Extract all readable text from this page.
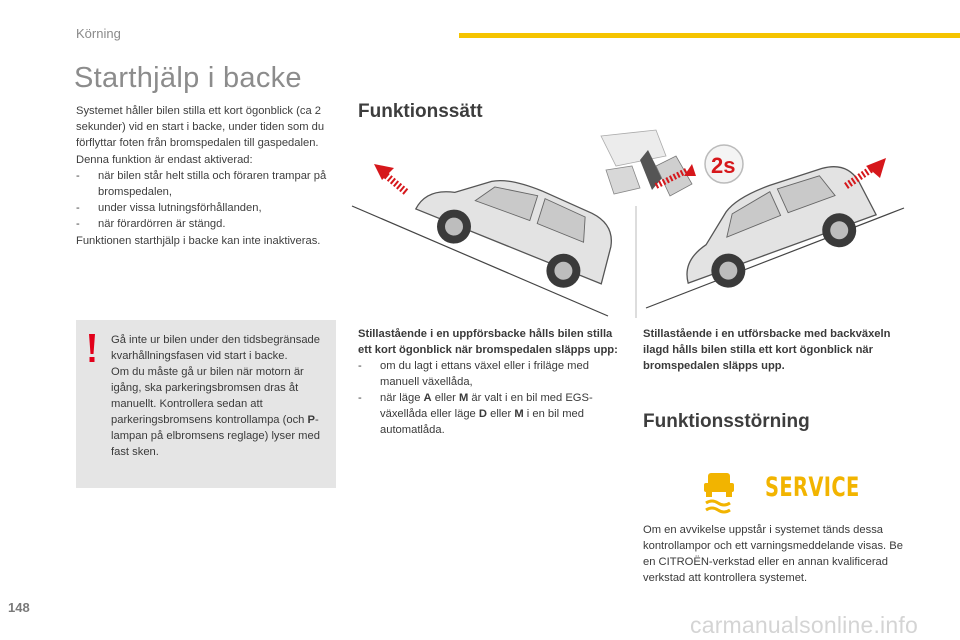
Körning
Starthjälp i backe

Systemet håller bilen stilla ett kort ögonblick (ca 2 sekunder) vid en start i backe, under tiden som du förflyttar foten från bromspedalen till gaspedalen.

Denna funktion är endast aktiverad:

- när bilen står helt stilla och föraren trampar på bromspedalen,
- under vissa lutningsförhållanden,
- när förardörren är stängd.

Funktionen starthjälp i backe kan inte inaktiveras.

Gå inte ur bilen under den tidsbegränsade kvarhållningsfasen vid start i backe.
Om du måste gå ur bilen när motorn är igång, ska parkeringsbromsen dras åt manuellt. Kontrollera sedan att parkeringsbromsens kontrollampa (och P-lampan på elbromsens reglage) lyser med fast sken.
Funktionssätt
2s
Stillastående i en uppförsbacke hålls bilen stilla ett kort ögonblick när bromspedalen släpps upp:
- om du lagt i ettans växel eller i friläge med manuell växellåda,
- när läge A eller M är valt i en bil med EGS-växellåda eller läge D eller M i en bil med automatlåda.
Stillastående i en utförsbacke med backväxeln ilagd hålls bilen stilla ett kort ögonblick när bromspedalen släpps upp.
Funktionsstörning
SERVICE
Om en avvikelse uppstår i systemet tänds dessa kontrollampor och ett varningsmeddelande visas. Be en CITROËN-verkstad eller en annan kvalificerad verkstad att kontrollera systemet.
148
carmanualsonline.info
